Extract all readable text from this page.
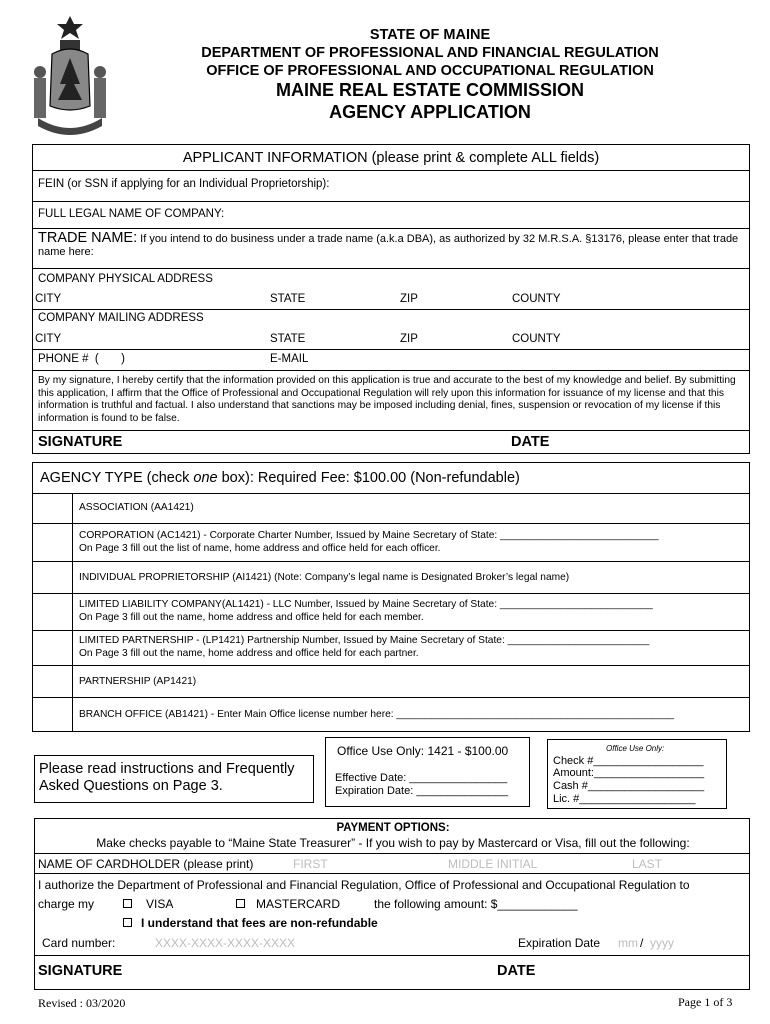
STATE OF MAINE
DEPARTMENT OF PROFESSIONAL AND FINANCIAL REGULATION
OFFICE OF PROFESSIONAL AND OCCUPATIONAL REGULATION
MAINE REAL ESTATE COMMISSION
AGENCY APPLICATION
APPLICANT INFORMATION (please print & complete ALL fields)
FEIN (or SSN if applying for an Individual Proprietorship):
FULL LEGAL NAME OF COMPANY:
TRADE NAME: If you intend to do business under a trade name (a.k.a DBA), as authorized by 32 M.R.S.A. §13176, please enter that trade name here:
COMPANY PHYSICAL ADDRESS
CITY	STATE	ZIP	COUNTY
COMPANY MAILING ADDRESS
CITY	STATE	ZIP	COUNTY
PHONE #  (       )	E-MAIL
By my signature, I hereby certify that the information provided on this application is true and accurate to the best of my knowledge and belief. By submitting this application, I affirm that the Office of Professional and Occupational Regulation will rely upon this information for issuance of my license and that this information is truthful and factual. I also understand that sanctions may be imposed including denial, fines, suspension or revocation of my license if this information is found to be false.
SIGNATURE	DATE
AGENCY TYPE (check one box): Required Fee: $100.00 (Non-refundable)
ASSOCIATION (AA1421)
CORPORATION (AC1421) - Corporate Charter Number, Issued by Maine Secretary of State: ____________________________
On Page 3 fill out the list of name, home address and office held for each officer.
INDIVIDUAL PROPRIETORSHIP (AI1421) (Note: Company’s legal name is Designated Broker’s legal name)
LIMITED LIABILITY COMPANY(AL1421) - LLC Number, Issued by Maine Secretary of State: ___________________________
On Page 3 fill out the name, home address and office held for each member.
LIMITED PARTNERSHIP - (LP1421) Partnership Number, Issued by Maine Secretary of State: _________________________
On Page 3 fill out the name, home address and office held for each partner.
PARTNERSHIP (AP1421)
BRANCH OFFICE (AB1421) - Enter Main Office license number here: _________________________________________________
Please read instructions and Frequently Asked Questions on Page 3.
Office Use Only: 1421 - $100.00
Effective Date: ________________
Expiration Date: _______________
Office Use Only:
Check #__________________
Amount:__________________
Cash #___________________
Lic. #___________________
PAYMENT OPTIONS:
Make checks payable to “Maine State Treasurer” - If you wish to pay by Mastercard or Visa, fill out the following:
NAME OF CARDHOLDER (please print)	FIRST	MIDDLE INITIAL	LAST
I authorize the Department of Professional and Financial Regulation, Office of Professional and Occupational Regulation to
charge my	VISA	MASTERCARD	the following amount: $____________
I understand that fees are non-refundable
Card number:	XXXX-XXXX-XXXX-XXXX	Expiration Date mm / yyyy
SIGNATURE	DATE
Revised : 03/2020	Page 1 of 3
